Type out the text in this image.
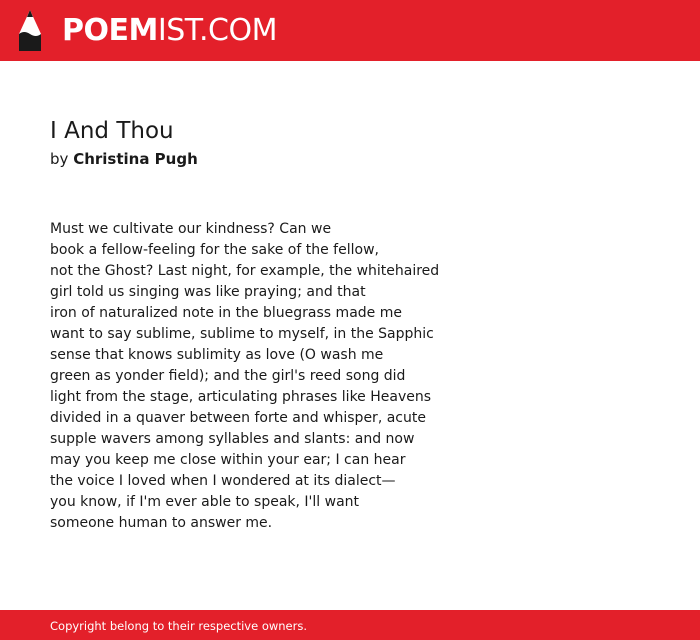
POEMIST.COM
I And Thou
by Christina Pugh
Must we cultivate our kindness? Can we
book a fellow-feeling for the sake of the fellow,
not the Ghost? Last night, for example, the whitehaired
girl told us singing was like praying; and that
iron of naturalized note in the bluegrass made me
want to say sublime, sublime to myself, in the Sapphic
sense that knows sublimity as love (O wash me
green as yonder field); and the girl's reed song did
light from the stage, articulating phrases like Heavens
divided in a quaver between forte and whisper, acute
supple wavers among syllables and slants: and now
may you keep me close within your ear; I can hear
the voice I loved when I wondered at its dialect—
you know, if I'm ever able to speak, I'll want
someone human to answer me.
Copyright belong to their respective owners.
